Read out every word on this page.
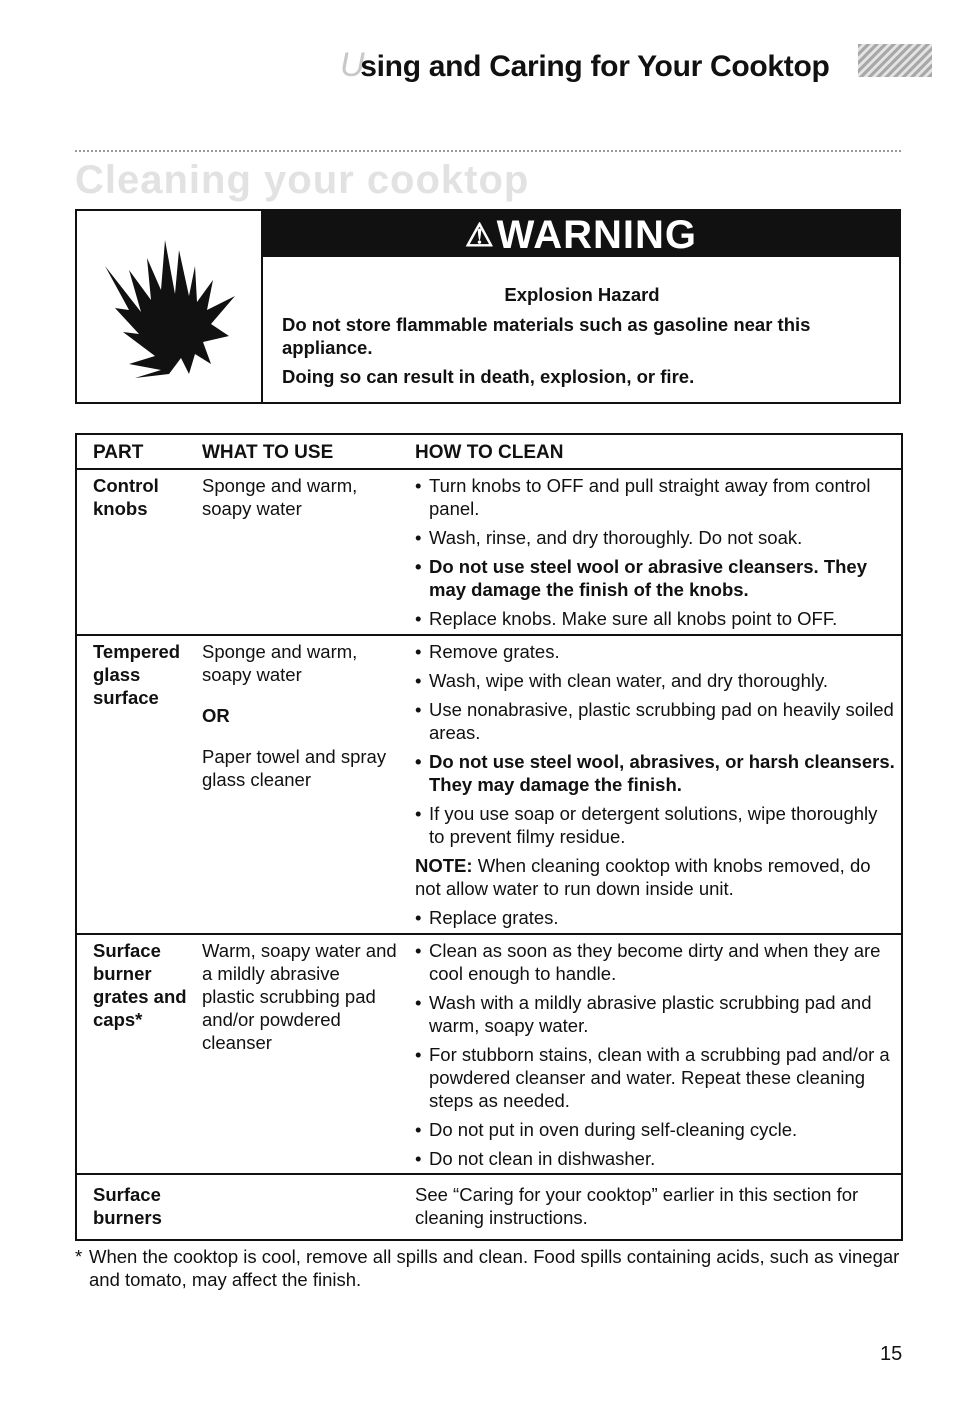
Using and Caring for Your Cooktop
Cleaning your cooktop
⚠WARNING
Explosion Hazard
Do not store flammable materials such as gasoline near this appliance.
Doing so can result in death, explosion, or fire.
PART	WHAT TO USE	HOW TO CLEAN
Control knobs
Sponge and warm, soapy water
• Turn knobs to OFF and pull straight away from control panel.
• Wash, rinse, and dry thoroughly. Do not soak.
• Do not use steel wool or abrasive cleansers. They may damage the finish of the knobs.
• Replace knobs. Make sure all knobs point to OFF.
Tempered glass surface
Sponge and warm, soapy water
OR
Paper towel and spray glass cleaner
• Remove grates.
• Wash, wipe with clean water, and dry thoroughly.
• Use nonabrasive, plastic scrubbing pad on heavily soiled areas.
• Do not use steel wool, abrasives, or harsh cleansers. They may damage the finish.
• If you use soap or detergent solutions, wipe thoroughly to prevent filmy residue.
NOTE: When cleaning cooktop with knobs removed, do not allow water to run down inside unit.
• Replace grates.
Surface burner grates and caps*
Warm, soapy water and a mildly abrasive plastic scrubbing pad and/or powdered cleanser
• Clean as soon as they become dirty and when they are cool enough to handle.
• Wash with a mildly abrasive plastic scrubbing pad and warm, soapy water.
• For stubborn stains, clean with a scrubbing pad and/or a powdered cleanser and water. Repeat these cleaning steps as needed.
• Do not put in oven during self-cleaning cycle.
• Do not clean in dishwasher.
Surface burners
See “Caring for your cooktop” earlier in this section for cleaning instructions.
* When the cooktop is cool, remove all spills and clean. Food spills containing acids, such as vinegar and tomato, may affect the finish.
15
